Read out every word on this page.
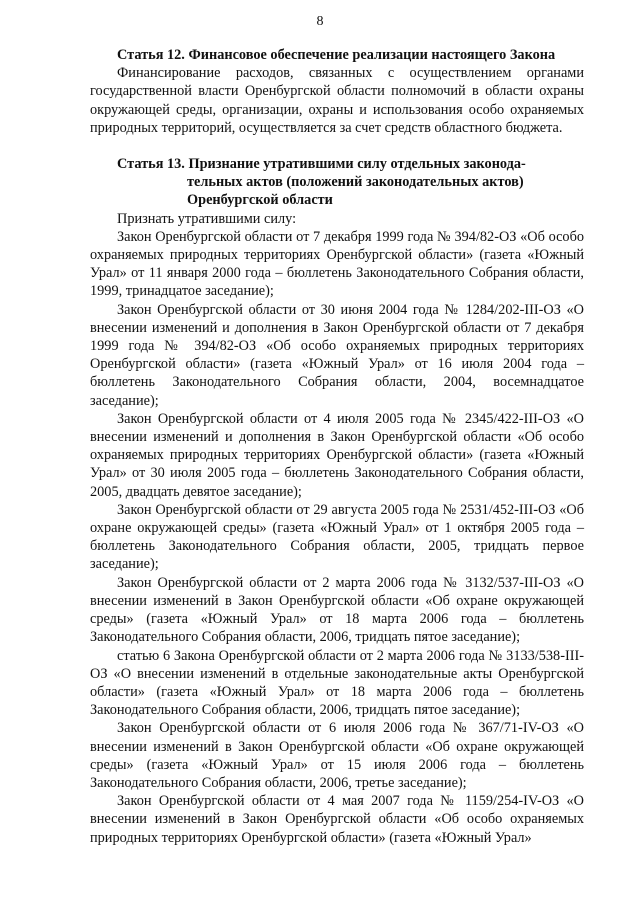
8
Статья 12. Финансовое обеспечение реализации настоящего Закона

Финансирование расходов, связанных с осуществлением органами государственной власти Оренбургской области полномочий в области охраны окружающей среды, организации, охраны и использования особо охраняемых природных территорий, осуществляется за счет средств областного бюджета.

Статья 13. Признание утратившими силу отдельных законода-
тельных актов (положений законодательных актов)
Оренбургской области

Признать утратившими силу:

Закон Оренбургской области от 7 декабря 1999 года № 394/82-ОЗ «Об особо охраняемых природных территориях Оренбургской области» (газета «Южный Урал» от 11 января 2000 года – бюллетень Законодательного Собрания области, 1999, тринадцатое заседание);

Закон Оренбургской области от 30 июня 2004 года № 1284/202-III-ОЗ «О внесении изменений и дополнения в Закон Оренбургской области от 7 декабря 1999 года № 394/82-ОЗ «Об особо охраняемых природных территориях Оренбургской области» (газета «Южный Урал» от 16 июля 2004 года – бюллетень Законодательного Собрания области, 2004, восемнадцатое заседание);

Закон Оренбургской области от 4 июля 2005 года № 2345/422-III-ОЗ «О внесении изменений и дополнения в Закон Оренбургской области «Об особо охраняемых природных территориях Оренбургской области» (газета «Южный Урал» от 30 июля 2005 года – бюллетень Законодательного Собрания области, 2005, двадцать девятое заседание);

Закон Оренбургской области от 29 августа 2005 года № 2531/452-III-ОЗ «Об охране окружающей среды» (газета «Южный Урал» от 1 октября 2005 года – бюллетень Законодательного Собрания области, 2005, тридцать первое заседание);

Закон Оренбургской области от 2 марта 2006 года № 3132/537-III-ОЗ «О внесении изменений в Закон Оренбургской области «Об охране окружающей среды» (газета «Южный Урал» от 18 марта 2006 года – бюллетень Законодательного Собрания области, 2006, тридцать пятое заседание);

статью 6 Закона Оренбургской области от 2 марта 2006 года № 3133/538-III-ОЗ «О внесении изменений в отдельные законодательные акты Оренбургской области» (газета «Южный Урал» от 18 марта 2006 года – бюллетень Законодательного Собрания области, 2006, тридцать пятое заседание);

Закон Оренбургской области от 6 июля 2006 года № 367/71-IV-ОЗ «О внесении изменений в Закон Оренбургской области «Об охране окружающей среды» (газета «Южный Урал» от 15 июля 2006 года – бюллетень Законодательного Собрания области, 2006, третье заседание);

Закон Оренбургской области от 4 мая 2007 года № 1159/254-IV-ОЗ «О внесении изменений в Закон Оренбургской области «Об особо охраняемых природных территориях Оренбургской области» (газета «Южный Урал»
